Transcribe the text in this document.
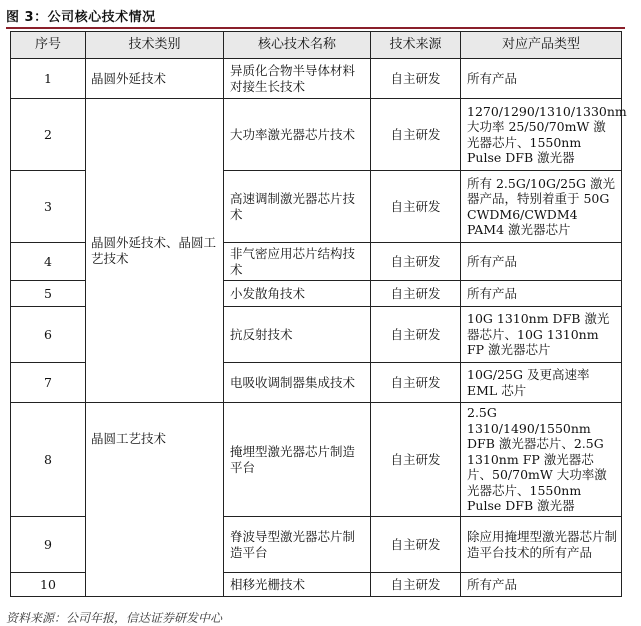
图 3：公司核心技术情况
序号	技术类别	核心技术名称	技术来源	对应产品类型
1	晶圆外延技术	异质化合物半导体材料对接生长技术	自主研发	所有产品
2	晶圆外延技术、晶圆工艺技术	大功率激光器芯片技术	自主研发	1270/1290/1310/1330nm 大功率 25/50/70mW 激光器芯片、1550nm Pulse DFB 激光器
3		高速调制激光器芯片技术	自主研发	所有 2.5G/10G/25G 激光器产品，特别着重于 50G CWDM6/CWDM4 PAM4 激光器芯片
4		非气密应用芯片结构技术	自主研发	所有产品
5		小发散角技术	自主研发	所有产品
6		抗反射技术	自主研发	10G 1310nm DFB 激光器芯片、10G 1310nm FP 激光器芯片
7		电吸收调制器集成技术	自主研发	10G/25G 及更高速率 EML 芯片
8	晶圆工艺技术	掩埋型激光器芯片制造平台	自主研发	2.5G 1310/1490/1550nm DFB 激光器芯片、2.5G 1310nm FP 激光器芯片、50/70mW 大功率激光器芯片、1550nm Pulse DFB 激光器
9		脊波导型激光器芯片制造平台	自主研发	除应用掩埋型激光器芯片制造平台技术的所有产品
10		相移光栅技术	自主研发	所有产品
资料来源：公司年报，信达证券研发中心
